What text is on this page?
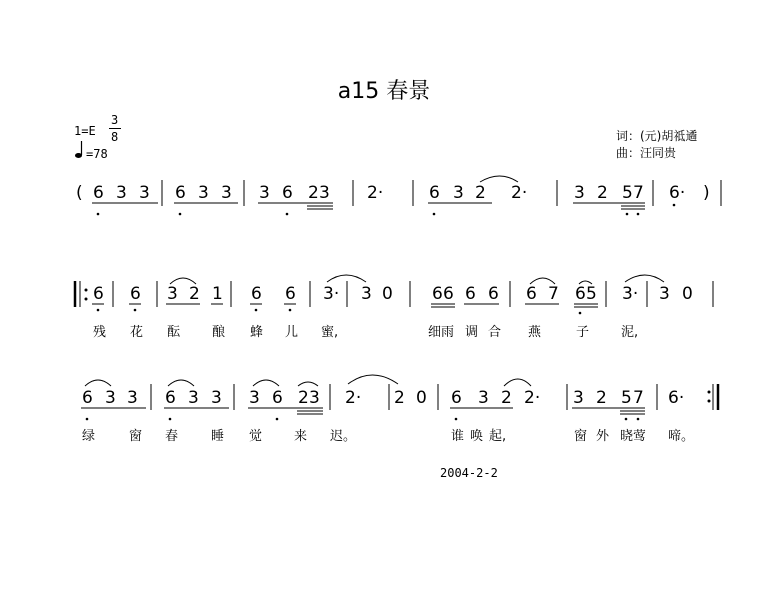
a15 春景
1=E
3
8
=78
词：(元)胡祗遹
曲：汪同贵
( 6 3 3 6 3 3 3 6 2 3 2·	6 3 2 2·	3 2 5 7 6· )
6 6 3 2 1 6 6 3· 3 0 6 6 6 6 6 7 6 5 3· 3 0
残 花 酝 酿 蜂 儿 蜜,	细雨 调 合 燕	子 泥,
6 3 3 6 3 3 3 6 2 3 2· 2 0 6 3 2 2· 3 2 5 7 6·
绿	窗 春	睡 觉 来 迟。	谁 唤 起,	窗 外 晓莺 啼。
2004-2-2
